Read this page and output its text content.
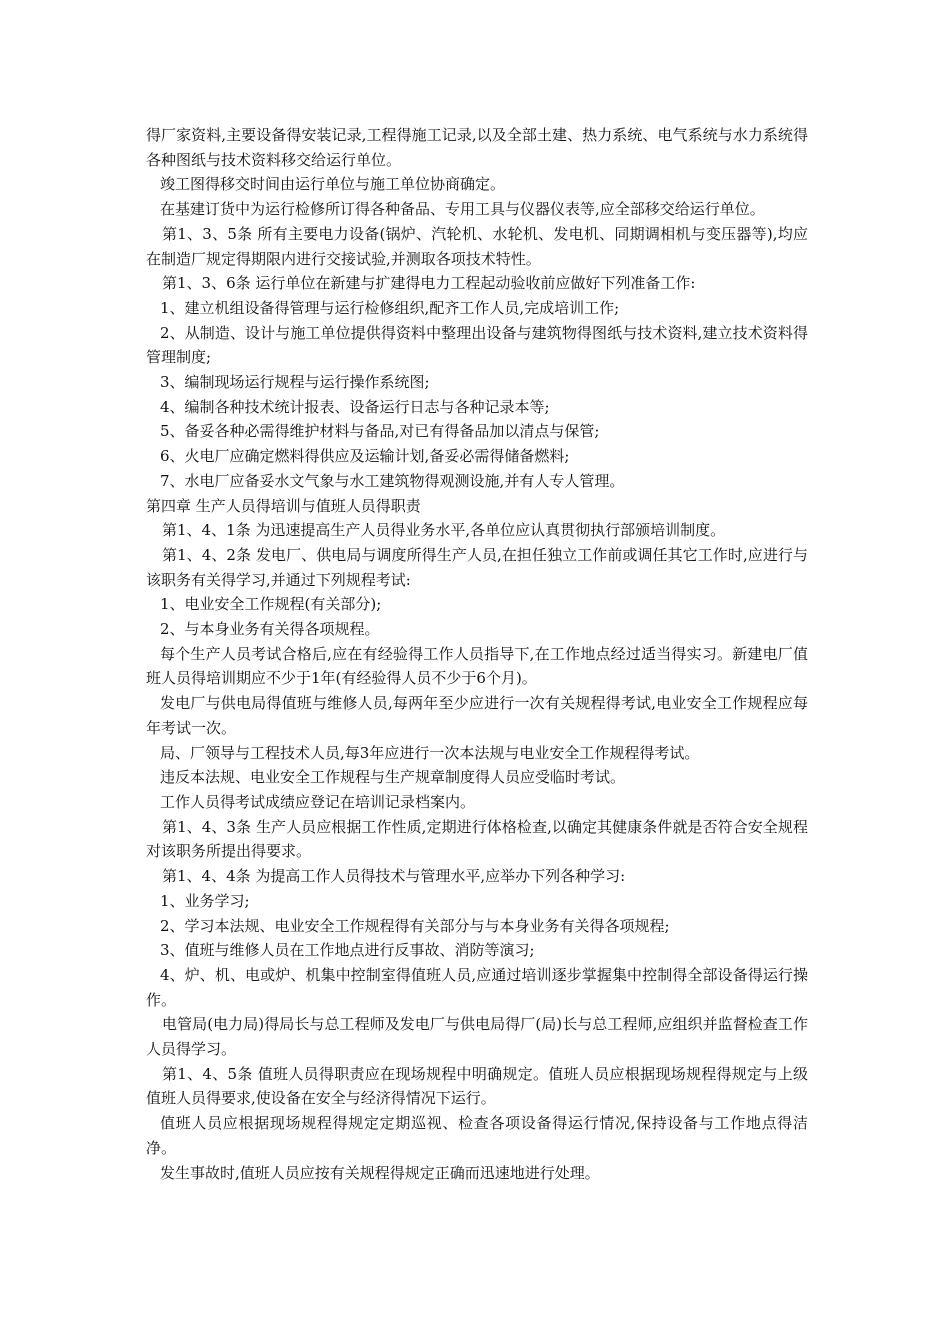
得厂家资料,主要设备得安装记录,工程得施工记录,以及全部土建、热力系统、电气系统与水力系统得各种图纸与技术资料移交给运行单位。

竣工图得移交时间由运行单位与施工单位协商确定。

在基建订货中为运行检修所订得各种备品、专用工具与仪器仪表等,应全部移交给运行单位。

第1、3、5条 所有主要电力设备(锅炉、汽轮机、水轮机、发电机、同期调相机与变压器等),均应在制造厂规定得期限内进行交接试验,并测取各项技术特性。

第1、3、6条 运行单位在新建与扩建得电力工程起动验收前应做好下列准备工作:

1、建立机组设备得管理与运行检修组织,配齐工作人员,完成培训工作;

2、从制造、设计与施工单位提供得资料中整理出设备与建筑物得图纸与技术资料,建立技术资料得管理制度;

3、编制现场运行规程与运行操作系统图;

4、编制各种技术统计报表、设备运行日志与各种记录本等;

5、备妥各种必需得维护材料与备品,对已有得备品加以清点与保管;

6、火电厂应确定燃料得供应及运输计划,备妥必需得储备燃料;

7、水电厂应备妥水文气象与水工建筑物得观测设施,并有人专人管理。

第四章 生产人员得培训与值班人员得职责

第1、4、1条 为迅速提高生产人员得业务水平,各单位应认真贯彻执行部颁培训制度。

第1、4、2条 发电厂、供电局与调度所得生产人员,在担任独立工作前或调任其它工作时,应进行与该职务有关得学习,并通过下列规程考试:

1、电业安全工作规程(有关部分);

2、与本身业务有关得各项规程。

每个生产人员考试合格后,应在有经验得工作人员指导下,在工作地点经过适当得实习。新建电厂值班人员得培训期应不少于1年(有经验得人员不少于6个月)。

发电厂与供电局得值班与维修人员,每两年至少应进行一次有关规程得考试,电业安全工作规程应每年考试一次。

局、厂领导与工程技术人员,每3年应进行一次本法规与电业安全工作规程得考试。

违反本法规、电业安全工作规程与生产规章制度得人员应受临时考试。

工作人员得考试成绩应登记在培训记录档案内。

第1、4、3条 生产人员应根据工作性质,定期进行体格检查,以确定其健康条件就是否符合安全规程对该职务所提出得要求。

第1、4、4条 为提高工作人员得技术与管理水平,应举办下列各种学习:

1、业务学习;

2、学习本法规、电业安全工作规程得有关部分与与本身业务有关得各项规程;

3、值班与维修人员在工作地点进行反事故、消防等演习;

4、炉、机、电或炉、机集中控制室得值班人员,应通过培训逐步掌握集中控制得全部设备得运行操作。

电管局(电力局)得局长与总工程师及发电厂与供电局得厂(局)长与总工程师,应组织并监督检查工作人员得学习。

第1、4、5条 值班人员得职责应在现场规程中明确规定。值班人员应根据现场规程得规定与上级值班人员得要求,使设备在安全与经济得情况下运行。

值班人员应根据现场规程得规定定期巡视、检查各项设备得运行情况,保持设备与工作地点得洁净。

发生事故时,值班人员应按有关规程得规定正确而迅速地进行处理。
